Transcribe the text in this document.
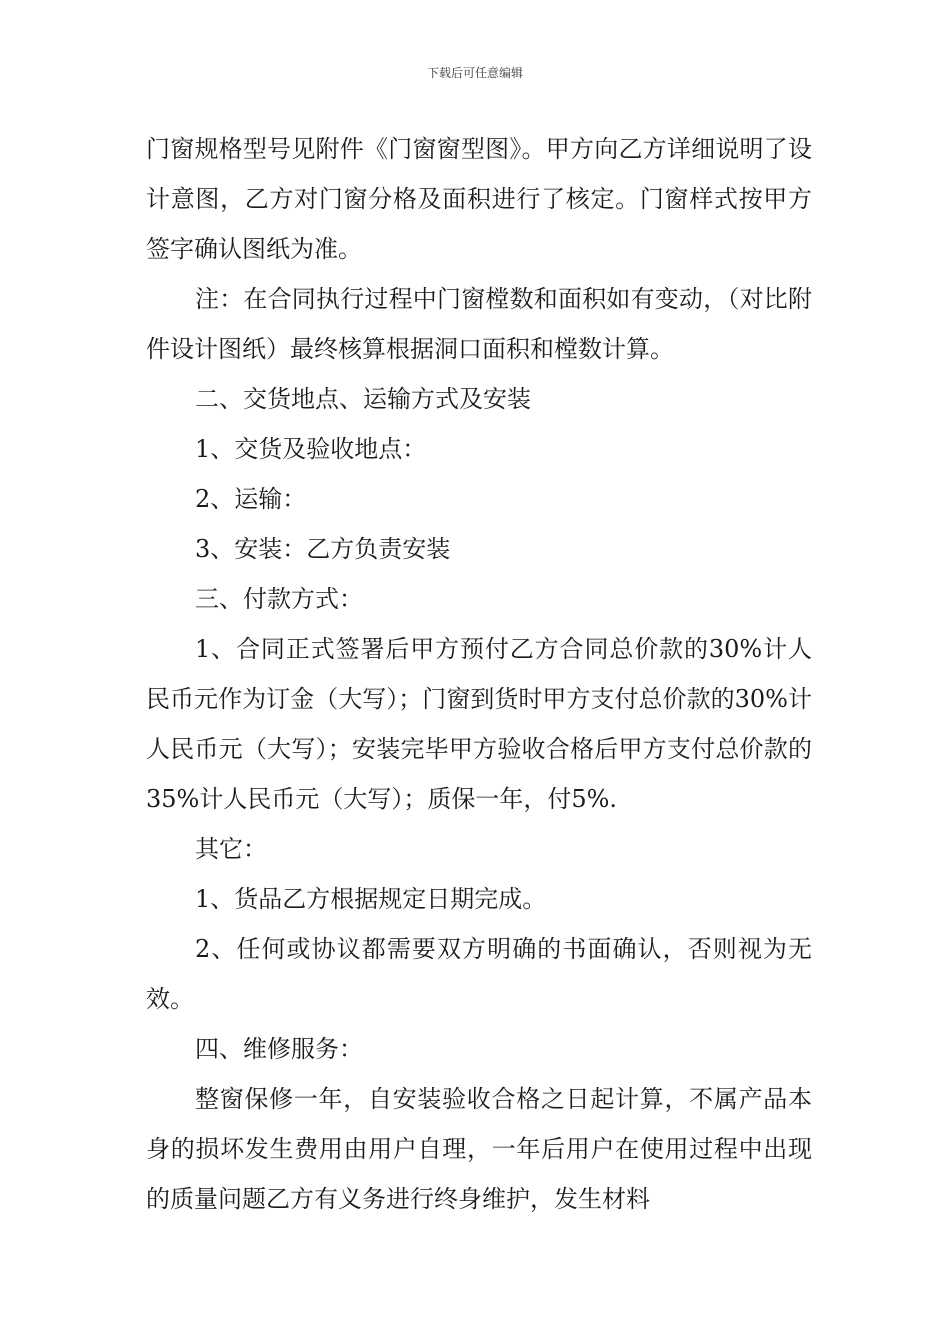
下载后可任意编辑

门窗规格型号见附件《门窗窗型图》。甲方向乙方详细说明了设计意图，乙方对门窗分格及面积进行了核定。门窗样式按甲方签字确认图纸为准。

注：在合同执行过程中门窗樘数和面积如有变动，（对比附件设计图纸）最终核算根据洞口面积和樘数计算。

二、交货地点、运输方式及安装

1、交货及验收地点：

2、运输：

3、安装：乙方负责安装

三、付款方式：

1、合同正式签署后甲方预付乙方合同总价款的30%计人民币元作为订金（大写）；门窗到货时甲方支付总价款的30%计人民币元（大写）；安装完毕甲方验收合格后甲方支付总价款的35%计人民币元（大写）；质保一年，付5%.

其它：

1、货品乙方根据规定日期完成。

2、任何或协议都需要双方明确的书面确认，否则视为无效。

四、维修服务：

整窗保修一年，自安装验收合格之日起计算，不属产品本身的损坏发生费用由用户自理，一年后用户在使用过程中出现的质量问题乙方有义务进行终身维护，发生材料
